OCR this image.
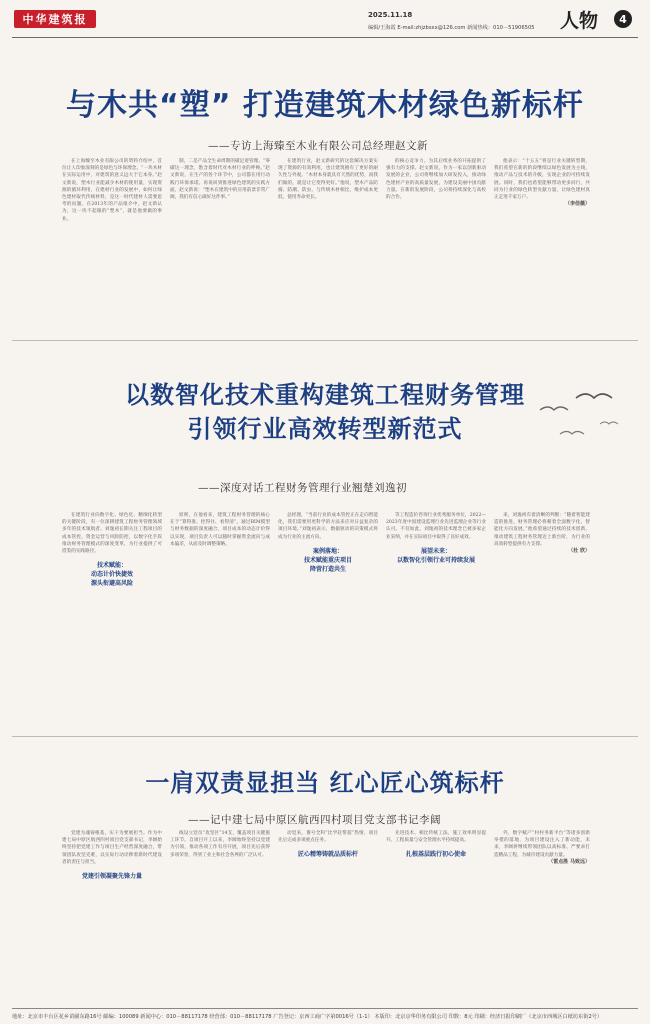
中华建筑报	2025.11.18
编辑/王海霞 E-mail:zhjzbsxx@126.com 新闻热线：010－51906505 人物	4
与木共“塑” 打造建筑木材绿色新标杆
——专访上海臻至木业有限公司总经理赵文新

在上海臻至木业有限公司的资料介绍中，首位让人印象深刻的是绿色与环保理念。“一块木材在实际运用中，对建筑的意义远大于它本身。”赵文新说，塑木行业能减少木材的使用量，实现资源的循环利用，在建材行业的发展中，如何让绿色建材取代传统材料，是这一时代建材人需要思考的问题。在2013年的产品推介中，赵文新认为，这一块不起眼的“塑木”，就是他要做的事业。

制，二是产品全生命周期的碳足迹管理。“零碳这一理念，饱含着时代对木材行业的呼唤。”赵文新说，在生产的各个环节中，公司都在用行动践行环保承诺。再说回到推进绿色建筑的实践方面，赵文新说：“塑木在建筑中的应用前景非常广阔，我们有信心做好这件事。”

在建筑行业，赵文新研究的这套解决方案实现了资源的有效利用，也让建筑拥有了更好的耐久性与外观。“木材本身就具有天然的优势，而我们做的，就是让它变得更好。”他说，塑木产品防腐、防潮、防虫，与传统木材相比，维护成本更低，使用寿命更长。

的核心竞争力。为其后续业务的开拓提供了强有力的支撑。赵文新说，作为一家以创新驱动发展的企业，公司将继续加大研发投入，推动绿色建材产业的高质量发展，为建设美丽中国贡献力量。在新的发展阶段，公司将持续深化与高校的合作。

他表示：“十五五”将是行业关键转型期，我们希望在新的阶段继续以绿色发展为主线，推动产品与技术的升级，实现企业的可持续发展。同时，我们也希望能够带动更多同行，共同为行业的绿色转型贡献力量，让绿色建材真正走进千家万户。

（李佳薇）

以数智化技术重构建筑工程财务管理
引领行业高效转型新范式
——深度对话工程财务管理行业翘楚刘逸初

在建筑行业向数字化、绿色化、精细化转型的关键阶段，有一位深耕建筑工程财务管理领域多年的技术领航者。刘逸初长期关注工程项目的成本管控、资金运营与风险防控，以数字化手段推动财务管理模式的深度变革，为行业提供了可借鉴的实践路径。

技术赋能：

动态计价快捷效

源头衔避高风险

原则，在他看来，建筑工程财务管理的核心在于“算得准、控得住、看得清”。通过BIM模型与财务数据的深度融合，项目成本的动态计价得以实现，项目负责人可以随时掌握资金流向与成本偏差，从而及时调整策略。

总经理，“当前行业的成本管控正在走向智能化，我们需要用更科学的方法来应对日益复杂的项目环境。”刘逸初表示，数据驱动的决策模式将成为行业的主流方向。

案例落地：

技术赋能重庆项目

降营打造共生

等工程造价咨询行业优秀服务单位，2022—2023年度中国建设监理行业先进监理企业等行业认可。不仅如此，刘逸初的技术理念已被多家企业采纳，并在实际项目中取得了良好成效。

展望未来：

以数智化引领行业可持续发展

来，刘逸初有着清晰的判断：“随着智能建造的推进，财务管理必将朝着全面数字化、智能化方向发展。”他希望通过持续的技术创新，推动建筑工程财务管理迈上新台阶，为行业的高效转型提供有力支撑。

（杜 欣）

一肩双责显担当 红心匠心筑标杆
——记中建七局中原区航西四村项目党支部书记李阔

党建为魂铸根基，实干为要展担当。作为中建七局中原区航西四村项目党支部书记，李阔始终坚持把党建工作与项目生产经营深度融合，带领团队攻坚克难，以实际行动诠释着新时代建设者的责任与担当。

党建引领凝聚先锋力量

线设立党员“攻坚区”14支，覆盖项目关键施工环节。自项目开工以来，李阔始终坚持以党建为引领，推动各项工作有序开展，项目先后获得多项荣誉，得到了业主和社会各界的广泛认可。

动觉来，番号全科“比学赶帮超”热情，项目先后完成多项重点任务。

匠心精筹铸就品质标杆

先进技术、相比传统工法，施工效率明显提升。工程质量与安全管理水平持续提高。

扎根基层践行初心使命

外，数字赋产“村村务新平台”等诸多创新举措的落地，为项目建设注入了新动能，未来，李阔将继续带领团队以高标准、严要求打造精品工程，为城市建设贡献力量。

（雷点胜 马致远）

地址：北京市丰台区花乡苗圃东路16号 邮编：100089 新闻中心：010－88117178 经营部：010－88117178 广告登记：京西工商广字第0016号（1-1） 本版印：北京京华印务有限公司 印数：8元 印刷：经济日报印刷厂（北京市西城区白纸坊东街2号）
